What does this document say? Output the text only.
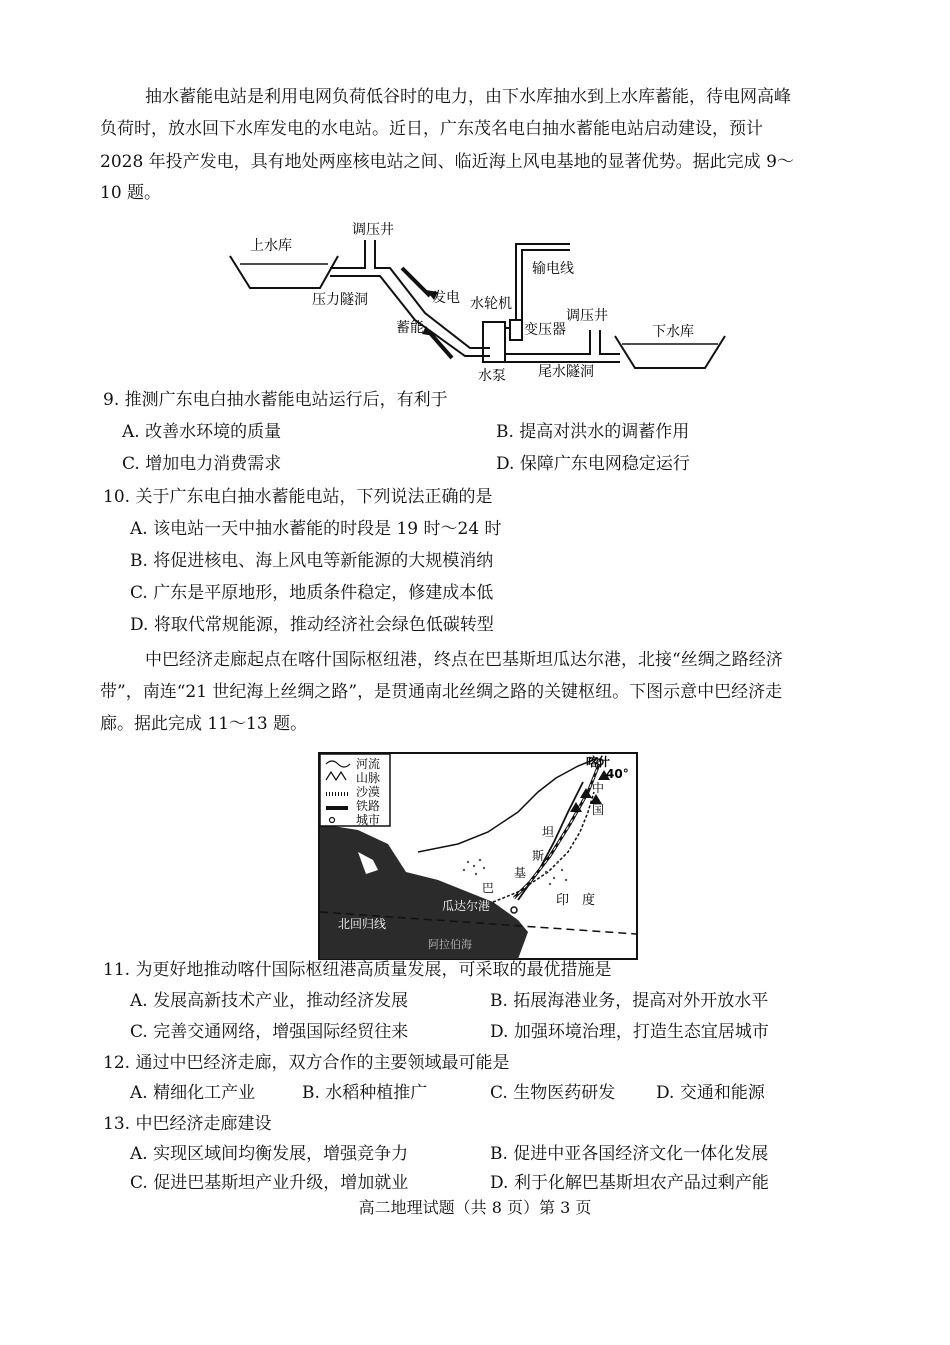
抽水蓄能电站是利用电网负荷低谷时的电力，由下水库抽水到上水库蓄能，待电网高峰
负荷时，放水回下水库发电的水电站。近日，广东茂名电白抽水蓄能电站启动建设，预计
2028 年投产发电，具有地处两座核电站之间、临近海上风电基地的显著优势。据此完成 9～
10 题。
上水库
调压井
压力隧洞	发电
蓄能
水轮机
输电线
变压器
调压井
下水库
水泵 尾水隧洞
9. 推测广东电白抽水蓄能电站运行后，有利于
A. 改善水环境的质量	B. 提高对洪水的调蓄作用
C. 增加电力消费需求	D. 保障广东电网稳定运行
10. 关于广东电白抽水蓄能电站，下列说法正确的是
A. 该电站一天中抽水蓄能的时段是 19 时～24 时
B. 将促进核电、海上风电等新能源的大规模消纳
C. 广东是平原地形，地质条件稳定，修建成本低
D. 将取代常规能源，推动经济社会绿色低碳转型
中巴经济走廊起点在喀什国际枢纽港，终点在巴基斯坦瓜达尔港，北接“丝绸之路经济
带”，南连“21 世纪海上丝绸之路”，是贯通南北丝绸之路的关键枢纽。下图示意中巴经济走
廊。据此完成 11～13 题。
河流
山脉
沙漠
铁路
城市
喀什
40°
中
国
巴
基
斯
坦
印　度
瓜达尔港
北回归线
阿拉伯海
11. 为更好地推动喀什国际枢纽港高质量发展，可采取的最优措施是
A. 发展高新技术产业，推动经济发展	B. 拓展海港业务，提高对外开放水平
C. 完善交通网络，增强国际经贸往来	D. 加强环境治理，打造生态宜居城市
12. 通过中巴经济走廊，双方合作的主要领域最可能是
A. 精细化工产业	B. 水稻种植推广	C. 生物医药研发 D. 交通和能源
13. 中巴经济走廊建设
A. 实现区域间均衡发展，增强竞争力	B. 促进中亚各国经济文化一体化发展
C. 促进巴基斯坦产业升级，增加就业	D. 利于化解巴基斯坦农产品过剩产能
高二地理试题（共 8 页）第 3 页
